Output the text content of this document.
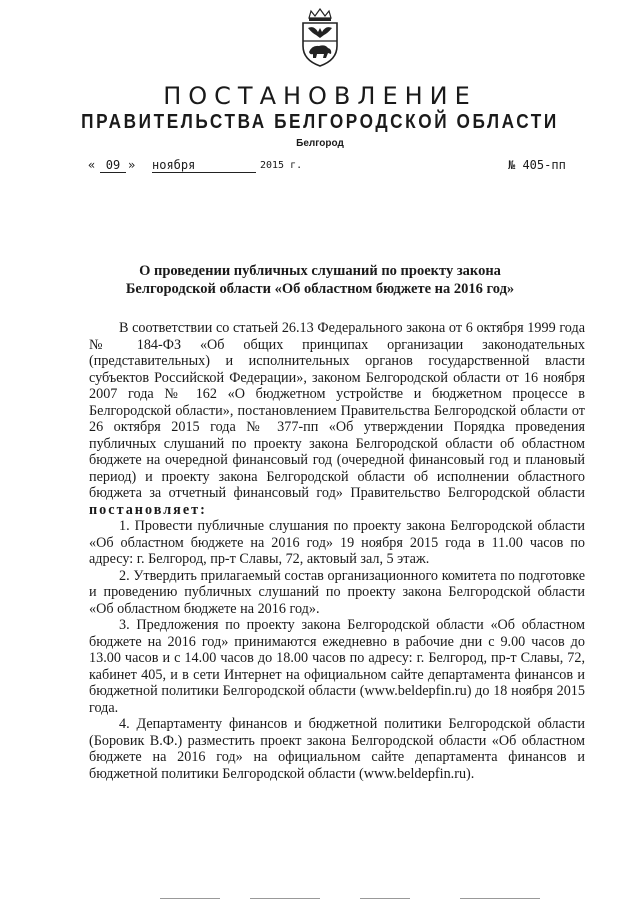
ПОСТАНОВЛЕНИЕ
ПРАВИТЕЛЬСТВА БЕЛГОРОДСКОЙ ОБЛАСТИ
Белгород
« 09 » ноября	2015 г.	№ 405-пп
О проведении публичных слушаний по проекту закона
Белгородской области «Об областном бюджете на 2016 год»

В соответствии со статьей 26.13 Федерального закона от 6 октября 1999 года № 184-ФЗ «Об общих принципах организации законодательных (представительных) и исполнительных органов государственной власти субъектов Российской Федерации», законом Белгородской области от 16 ноября 2007 года № 162 «О бюджетном устройстве и бюджетном процессе в Белгородской области», постановлением Правительства Белгородской области от 26 октября 2015 года № 377-пп «Об утверждении Порядка проведения публичных слушаний по проекту закона Белгородской области об областном бюджете на очередной финансовый год (очередной финансовый год и плановый период) и проекту закона Белгородской области об исполнении областного бюджета за отчетный финансовый год» Правительство Белгородской области постановляет:

1. Провести публичные слушания по проекту закона Белгородской области «Об областном бюджете на 2016 год» 19 ноября 2015 года в 11.00 часов по адресу: г. Белгород, пр-т Славы, 72, актовый зал, 5 этаж.

2. Утвердить прилагаемый состав организационного комитета по подготовке и проведению публичных слушаний по проекту закона Белгородской области «Об областном бюджете на 2016 год».

3. Предложения по проекту закона Белгородской области «Об областном бюджете на 2016 год» принимаются ежедневно в рабочие дни с 9.00 часов до 13.00 часов и с 14.00 часов до 18.00 часов по адресу: г. Белгород, пр-т Славы, 72, кабинет 405, и в сети Интернет на официальном сайте департамента финансов и бюджетной политики Белгородской области (www.beldepfin.ru) до 18 ноября 2015 года.

4. Департаменту финансов и бюджетной политики Белгородской области (Боровик В.Ф.) разместить проект закона Белгородской области «Об областном бюджете на 2016 год» на официальном сайте департамента финансов и бюджетной политики Белгородской области (www.beldepfin.ru).
